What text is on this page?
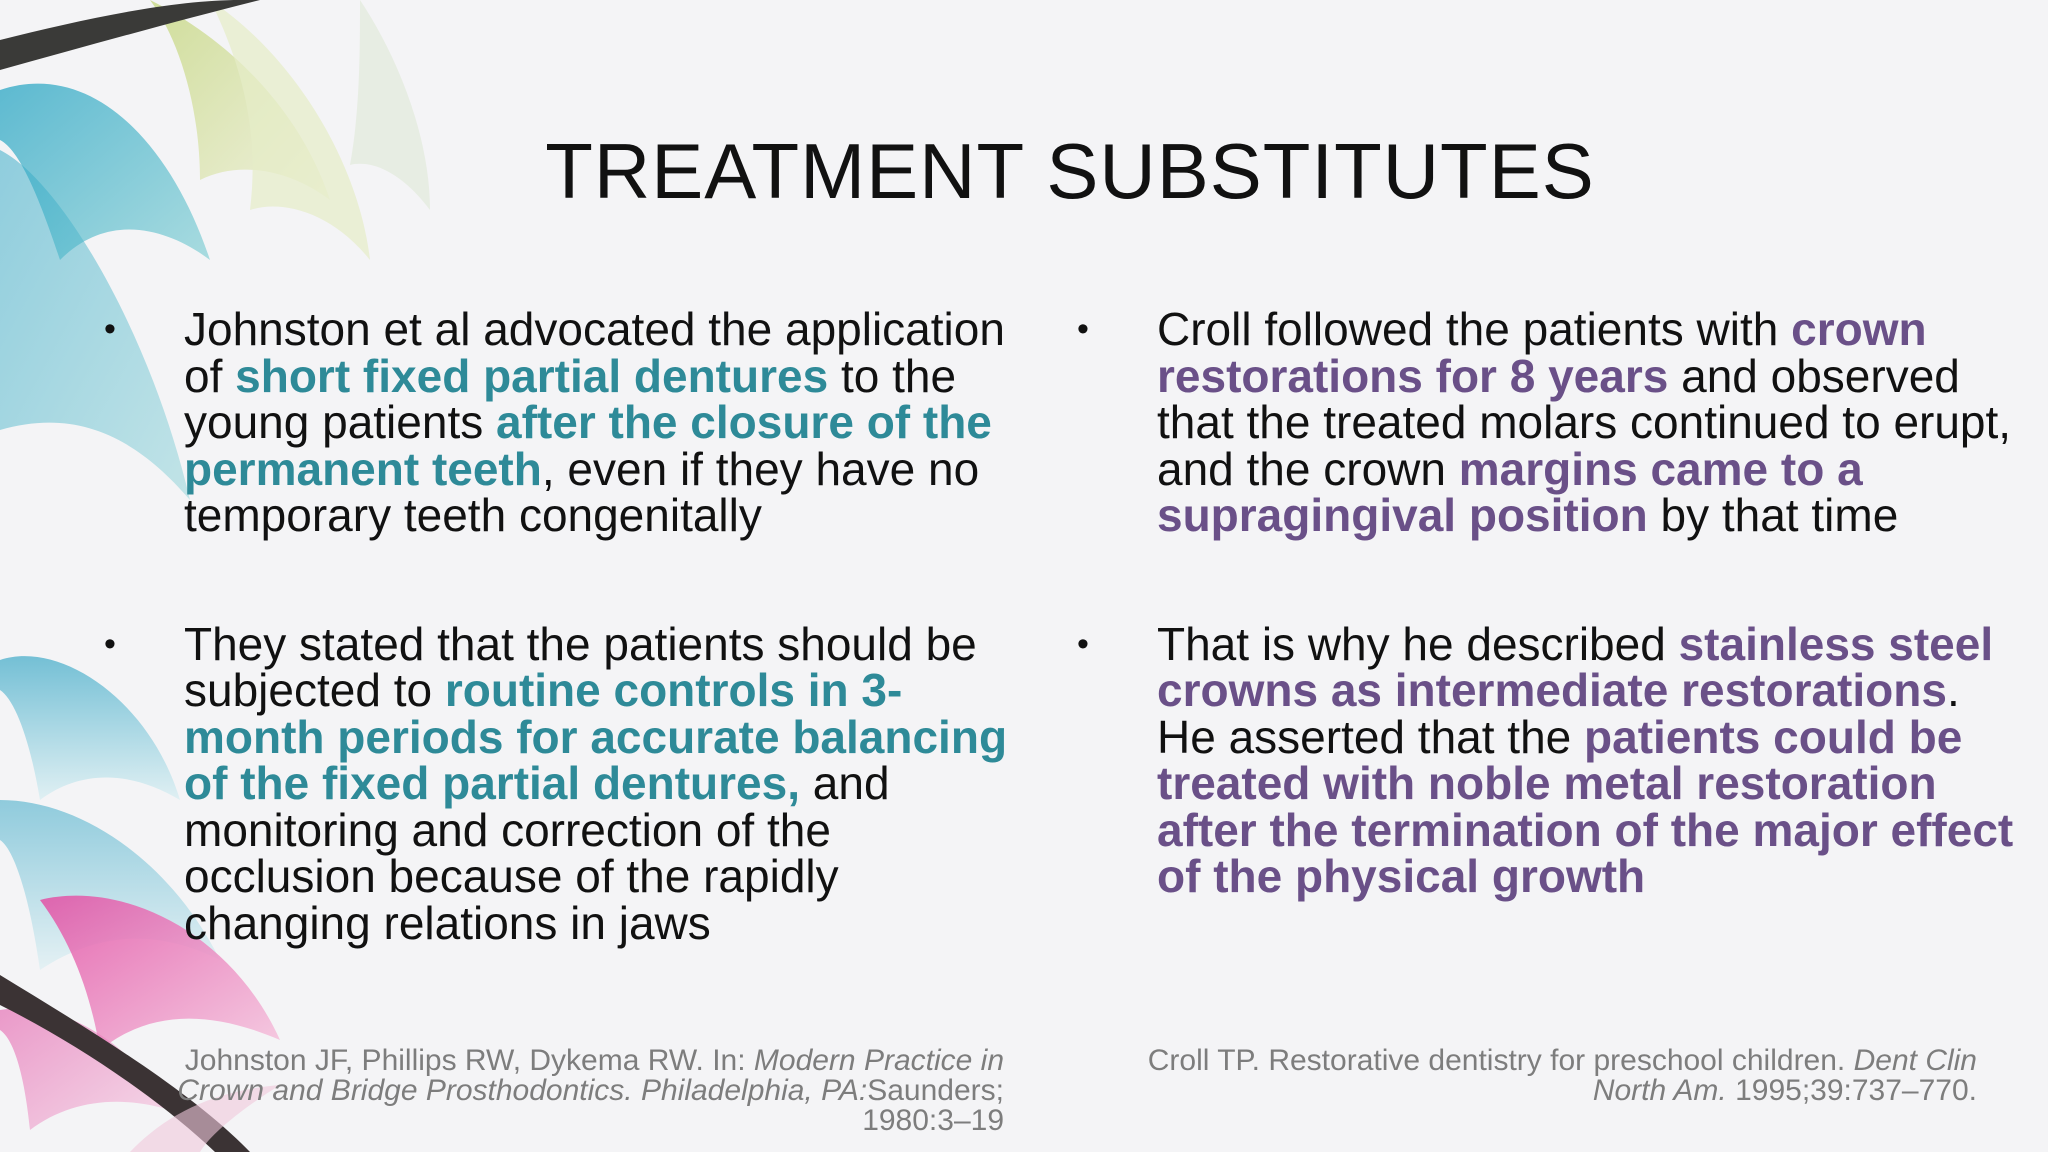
TREATMENT SUBSTITUTES
• Johnston et al advocated the application of short fixed partial dentures to the young patients after the closure of the permanent teeth, even if they have no temporary teeth congenitally
• They stated that the patients should be subjected to routine controls in 3-month periods for accurate balancing of the fixed partial dentures, and monitoring and correction of the occlusion because of the rapidly changing relations in jaws
• Croll followed the patients with crown restorations for 8 years and observed that the treated molars continued to erupt, and the crown margins came to a supragingival position by that time
• That is why he described stainless steel crowns as intermediate restorations. He asserted that the patients could be treated with noble metal restoration after the termination of the major effect of the physical growth
Johnston JF, Phillips RW, Dykema RW. In: Modern Practice in Crown and Bridge Prosthodontics. Philadelphia, PA:Saunders; 1980:3–19
Croll TP. Restorative dentistry for preschool children. Dent Clin North Am. 1995;39:737–770.
